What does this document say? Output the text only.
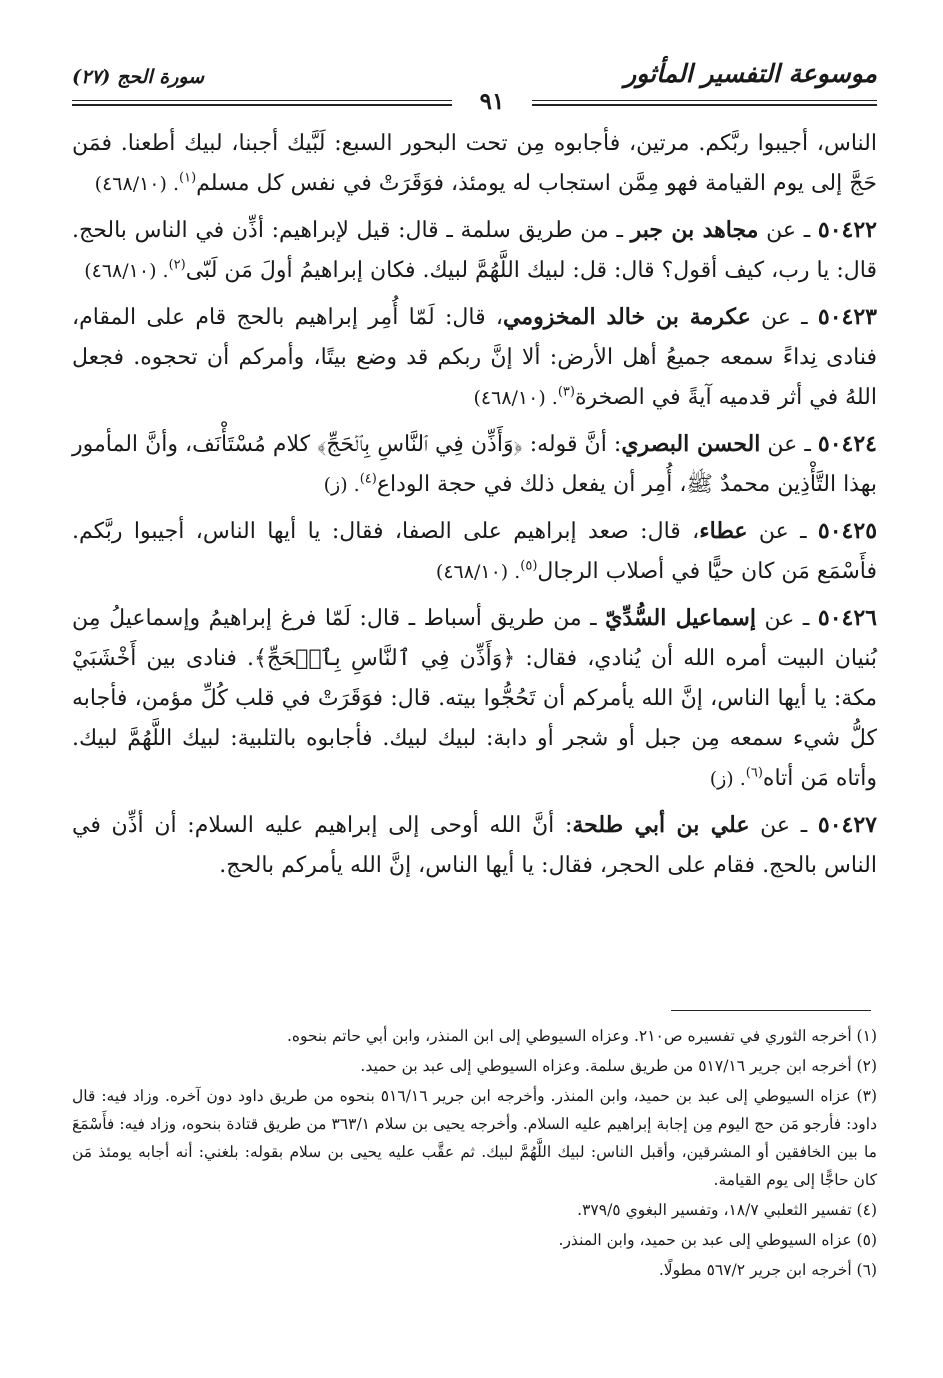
موسوعة التفسير المأثور
٩١
سورة الحج (٢٧)

الناس، أجيبوا ربَّكم. مرتين، فأجابوه مِن تحت البحور السبع: لَبَّيك أجبنا، لبيك أطعنا. فمَن حَجَّ إلى يوم القيامة فهو مِمَّن استجاب له يومئذ، فوَقَرَتْ في نفس كل مسلم$^{(١)}$. (٤٦٨/١٠)

٥٠٤٢٢ ـ عن مجاهد بن جبر ـ من طريق سلمة ـ قال: قيل لإبراهيم: أذِّن في الناس بالحج. قال: يا رب، كيف أقول؟ قال: قل: لبيك اللَّهُمَّ لبيك. فكان إبراهيمُ أولَ مَن لَبّى$^{(٢)}$. (٤٦٨/١٠)

٥٠٤٢٣ ـ عن عكرمة بن خالد المخزومي، قال: لَمّا أُمِر إبراهيم بالحج قام على المقام، فنادى نِداءً سمعه جميعُ أهل الأرض: ألا إنَّ ربكم قد وضع بيتًا، وأمركم أن تحجوه. فجعل اللهُ في أثر قدميه آيةً في الصخرة$^{(٣)}$. (٤٦٨/١٠)

٥٠٤٢٤ ـ عن الحسن البصري: أنَّ قوله: ﴿وَأَذِّن فِي ٱلنَّاسِ بِٱلۡحَجِّ﴾ كلام مُسْتَأْنَف، وأنَّ المأمور بهذا التَّأْذِين محمدٌ ﷺ، أُمِر أن يفعل ذلك في حجة الوداع$^{(٤)}$. (ز)

٥٠٤٢٥ ـ عن عطاء، قال: صعد إبراهيم على الصفا، فقال: يا أيها الناس، أجيبوا ربَّكم. فأَسْمَع مَن كان حيًّا في أصلاب الرجال$^{(٥)}$. (٤٦٨/١٠)

٥٠٤٢٦ ـ عن إسماعيل السُّدِّيّ ـ من طريق أسباط ـ قال: لَمّا فرغ إبراهيمُ وإسماعيلُ مِن بُنيان البيت أمره الله أن يُنادي، فقال: ﴿وَأَذِّن فِي ٱلنَّاسِ بِٱلۡحَجِّ﴾. فنادى بين أَخْشَبَيْ مكة: يا أيها الناس، إنَّ الله يأمركم أن تَحُجُّوا بيته. قال: فوَقَرَتْ في قلب كُلِّ مؤمن، فأجابه كلُّ شيء سمعه مِن جبل أو شجر أو دابة: لبيك لبيك. فأجابوه بالتلبية: لبيك اللَّهُمَّ لبيك. وأتاه مَن أتاه$^{(٦)}$. (ز)

٥٠٤٢٧ ـ عن علي بن أبي طلحة: أنَّ الله أوحى إلى إبراهيم عليه السلام: أن أذِّن في الناس بالحج. فقام على الحجر، فقال: يا أيها الناس، إنَّ الله يأمركم بالحج.

(١) أخرجه الثوري في تفسيره ص٢١٠. وعزاه السيوطي إلى ابن المنذر، وابن أبي حاتم بنحوه.

(٢) أخرجه ابن جرير ٥١٧/١٦ من طريق سلمة. وعزاه السيوطي إلى عبد بن حميد.

(٣) عزاه السيوطي إلى عبد بن حميد، وابن المنذر. وأخرجه ابن جرير ٥١٦/١٦ بنحوه من طريق داود دون آخره. وزاد فيه: قال داود: فأرجو مَن حج اليوم مِن إجابة إبراهيم عليه السلام. وأخرجه يحيى بن سلام ٣٦٣/١ من طريق قتادة بنحوه، وزاد فيه: فأَسْمَعَ ما بين الخافقين أو المشرقين، وأقبل الناس: لبيك اللَّهُمَّ لبيك. ثم عقَّب عليه يحيى بن سلام بقوله: بلغني: أنه أجابه يومئذ مَن كان حاجًّا إلى يوم القيامة.

(٤) تفسير الثعلبي ١٨/٧، وتفسير البغوي ٣٧٩/٥.

(٥) عزاه السيوطي إلى عبد بن حميد، وابن المنذر.

(٦) أخرجه ابن جرير ٥٦٧/٢ مطولًا.
